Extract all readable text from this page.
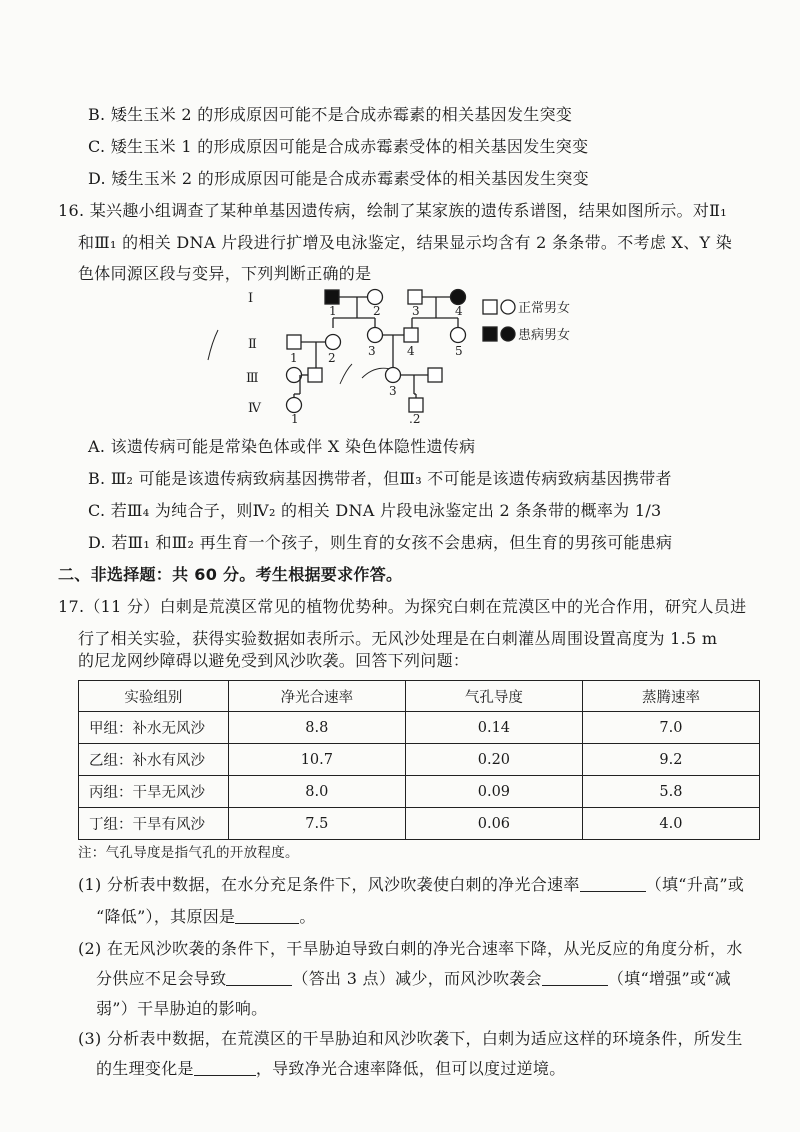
B. 矮生玉米 2 的形成原因可能不是合成赤霉素的相关基因发生突变
C. 矮生玉米 1 的形成原因可能是合成赤霉素受体的相关基因发生突变
D. 矮生玉米 2 的形成原因可能是合成赤霉素受体的相关基因发生突变
16. 某兴趣小组调查了某种单基因遗传病，绘制了某家族的遗传系谱图，结果如图所示。对Ⅱ₁
和Ⅲ₁ 的相关 DNA 片段进行扩增及电泳鉴定，结果显示均含有 2 条条带。不考虑 X、Y 染
色体同源区段与变异，下列判断正确的是
Ⅰ
Ⅱ
Ⅲ
Ⅳ
1	2	3	4
1	2	3	4	5
3
1	.2
正常男女
患病男女
A. 该遗传病可能是常染色体或伴 X 染色体隐性遗传病
B. Ⅲ₂ 可能是该遗传病致病基因携带者，但Ⅲ₃ 不可能是该遗传病致病基因携带者
C. 若Ⅲ₄ 为纯合子，则Ⅳ₂ 的相关 DNA 片段电泳鉴定出 2 条条带的概率为 1/3
D. 若Ⅲ₁ 和Ⅲ₂ 再生育一个孩子，则生育的女孩不会患病，但生育的男孩可能患病
二、非选择题：共 60 分。考生根据要求作答。
17.（11 分）白刺是荒漠区常见的植物优势种。为探究白刺在荒漠区中的光合作用，研究人员进
行了相关实验，获得实验数据如表所示。无风沙处理是在白刺灌丛周围设置高度为 1.5 m
的尼龙网纱障碍以避免受到风沙吹袭。回答下列问题：
实验组别	净光合速率	气孔导度	蒸腾速率
甲组：补水无风沙	8.8	0.14	7.0
乙组：补水有风沙	10.7	0.20	9.2
丙组：干旱无风沙	8.0	0.09	5.8
丁组：干旱有风沙	7.5	0.06	4.0
注：气孔导度是指气孔的开放程度。
(1) 分析表中数据，在水分充足条件下，风沙吹袭使白刺的净光合速率	（填“升高”或
“降低”），其原因是	。
(2) 在无风沙吹袭的条件下，干旱胁迫导致白刺的净光合速率下降，从光反应的角度分析，水
分供应不足会导致	（答出 3 点）减少，而风沙吹袭会	（填“增强”或“减
弱”）干旱胁迫的影响。
(3) 分析表中数据，在荒漠区的干旱胁迫和风沙吹袭下，白刺为适应这样的环境条件，所发生
的生理变化是	，导致净光合速率降低，但可以度过逆境。
